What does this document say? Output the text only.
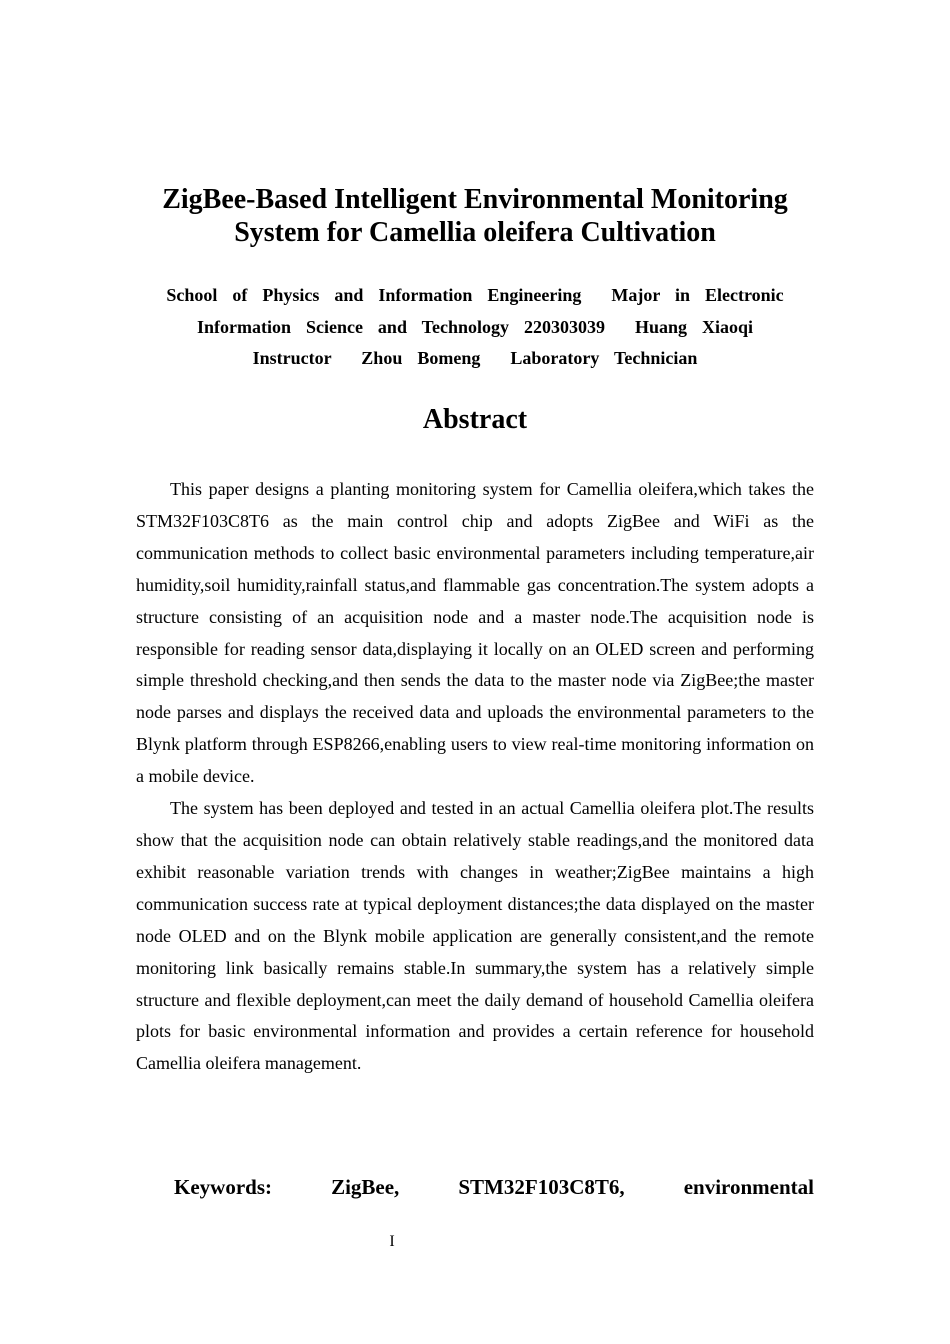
ZigBee-Based Intelligent Environmental Monitoring
System for Camellia oleifera Cultivation
School  of  Physics  and  Information  Engineering    Major  in  Electronic
Information  Science  and  Technology  220303039    Huang  Xiaoqi
Instructor    Zhou  Bomeng    Laboratory  Technician
Abstract

This paper designs a planting monitoring system for Camellia oleifera,which takes the STM32F103C8T6 as the main control chip and adopts ZigBee and WiFi as the communication methods to collect basic environmental parameters including temperature,air humidity,soil humidity,rainfall status,and flammable gas concentration.The system adopts a structure consisting of an acquisition node and a master node.The acquisition node is responsible for reading sensor data,displaying it locally on an OLED screen and performing simple threshold checking,and then sends the data to the master node via ZigBee;the master node parses and displays the received data and uploads the environmental parameters to the Blynk platform through ESP8266,enabling users to view real-time monitoring information on a mobile device.

The system has been deployed and tested in an actual Camellia oleifera plot.The results show that the acquisition node can obtain relatively stable readings,and the monitored data exhibit reasonable variation trends with changes in weather;ZigBee maintains a high communication success rate at typical deployment distances;the data displayed on the master node OLED and on the Blynk mobile application are generally consistent,and the remote monitoring link basically remains stable.In summary,the system has a relatively simple structure and flexible deployment,can meet the daily demand of household Camellia oleifera plots for basic environmental information and provides a certain reference for household Camellia oleifera management.

Keywords:	ZigBee,	STM32F103C8T6,	environmental
I
